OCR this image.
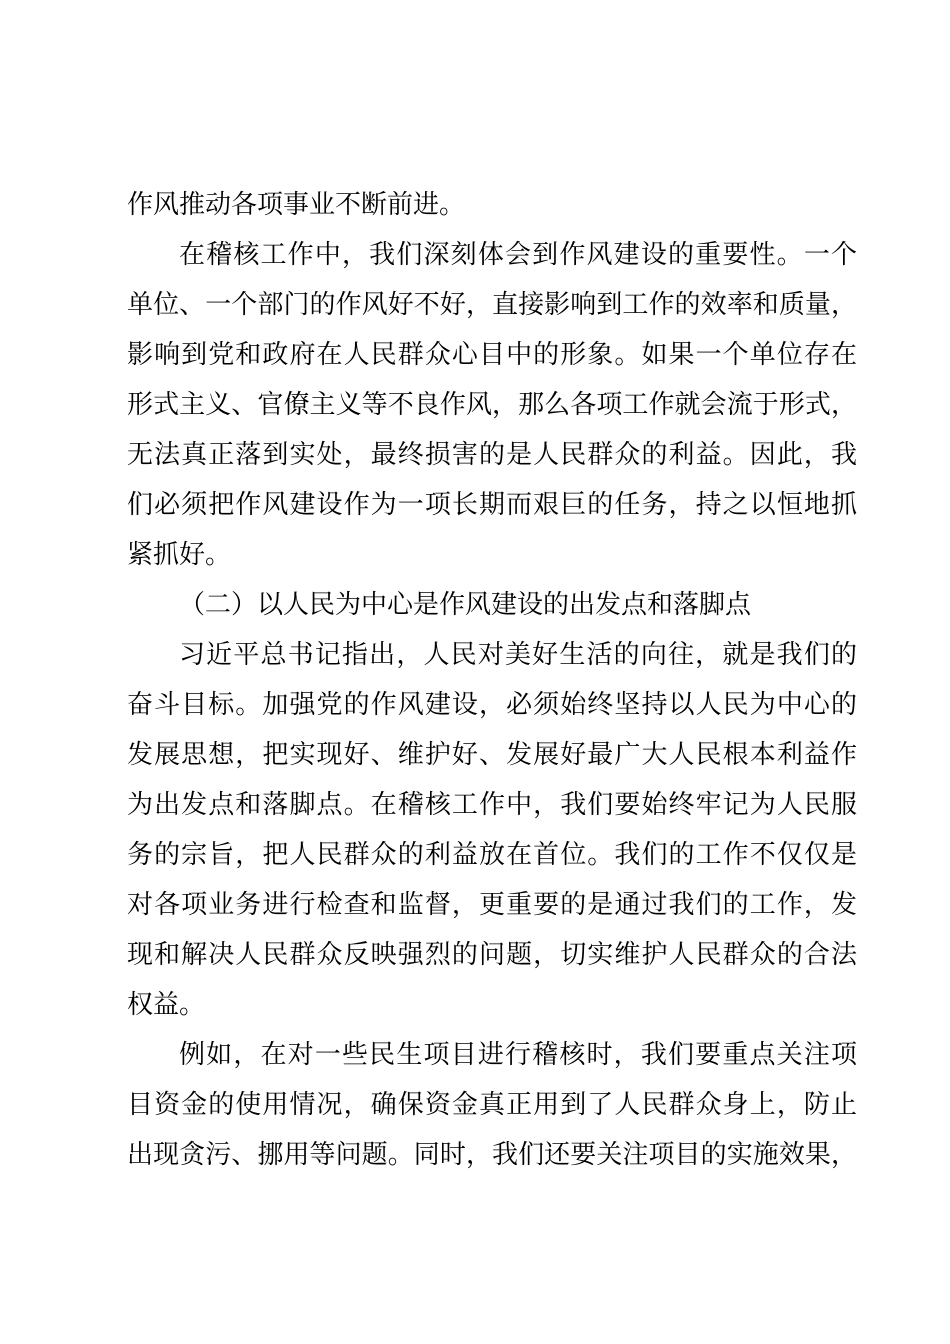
作风推动各项事业不断前进。
在稽核工作中，我们深刻体会到作风建设的重要性。一个
单位、一个部门的作风好不好，直接影响到工作的效率和质量，
影响到党和政府在人民群众心目中的形象。如果一个单位存在
形式主义、官僚主义等不良作风，那么各项工作就会流于形式，
无法真正落到实处，最终损害的是人民群众的利益。因此，我
们必须把作风建设作为一项长期而艰巨的任务，持之以恒地抓
紧抓好。
（二）以人民为中心是作风建设的出发点和落脚点
习近平总书记指出，人民对美好生活的向往，就是我们的
奋斗目标。加强党的作风建设，必须始终坚持以人民为中心的
发展思想，把实现好、维护好、发展好最广大人民根本利益作
为出发点和落脚点。在稽核工作中，我们要始终牢记为人民服
务的宗旨，把人民群众的利益放在首位。我们的工作不仅仅是
对各项业务进行检查和监督，更重要的是通过我们的工作，发
现和解决人民群众反映强烈的问题，切实维护人民群众的合法
权益。
例如，在对一些民生项目进行稽核时，我们要重点关注项
目资金的使用情况，确保资金真正用到了人民群众身上，防止
出现贪污、挪用等问题。同时，我们还要关注项目的实施效果，
